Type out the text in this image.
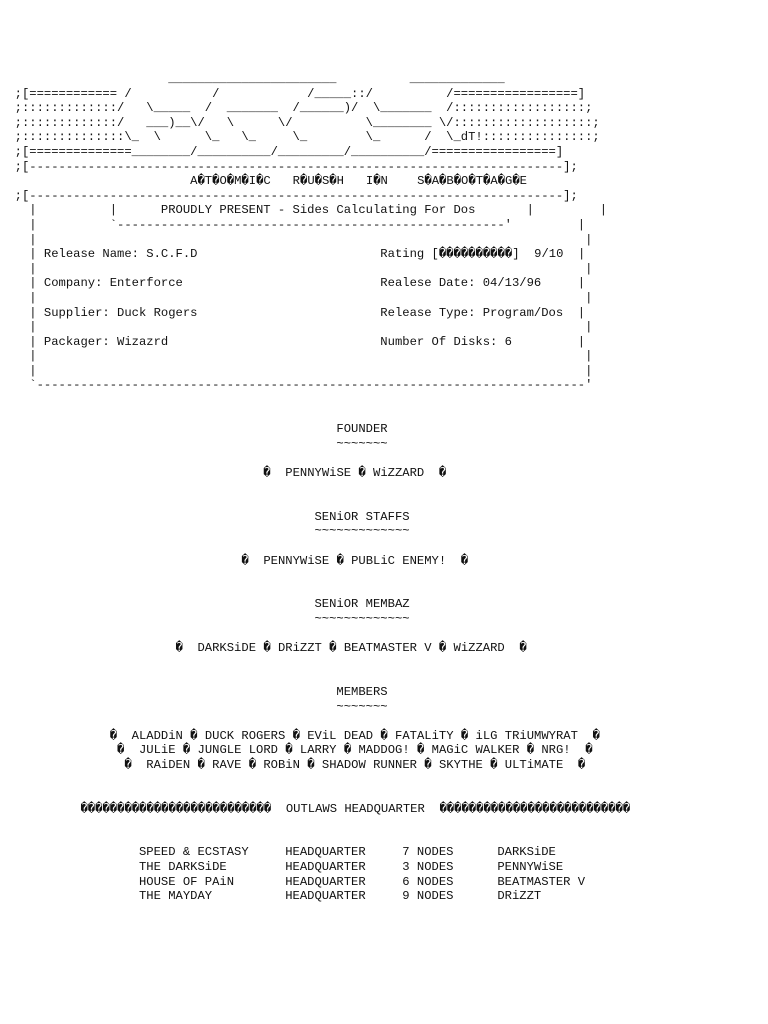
_______________________          _____________
;[============ /           /            /_____::/          /=================]
;:::::::::::::/   \_____  /  _______  /______)/  \_______  /::::::::::::::::::;
;:::::::::::::/   ___)__\/   \      \/          \________ \/:::::::::::::::::::;
;::::::::::::::\_  \      \_   \_     \_        \_      /  \_dT!:::::::::::::::;
;[==============________/__________/_________/__________/=================]
;[-------------------------------------------------------------------------];
A�T�O�M�I�C   R�U�S�H   I�N    S�A�B�O�T�A�G�E
;[-------------------------------------------------------------------------];
|          |      PROUDLY PRESENT - Sides Calculating For Dos       |         |
|          `-----------------------------------------------------'         |
|                                                                           |
| Release Name: S.C.F.D                         Rating [����������]  9/10  |
|                                                                           |
| Company: Enterforce                           Realese Date: 04/13/96     |
|                                                                           |
| Supplier: Duck Rogers                         Release Type: Program/Dos  |
|                                                                           |
| Packager: Wizazrd                             Number Of Disks: 6         |
|                                                                           |
|                                                                           |
`---------------------------------------------------------------------------'
FOUNDER
~~~~~~~
�  PENNYWiSE � WiZZARD  �
SENiOR STAFFS
~~~~~~~~~~~~~
�  PENNYWiSE � PUBLiC ENEMY!  �
SENiOR MEMBAZ
~~~~~~~~~~~~~
�  DARKSiDE � DRiZZT � BEATMASTER V � WiZZARD  �
MEMBERS
~~~~~~~
�  ALADDiN � DUCK ROGERS � EViL DEAD � FATALiTY � iLG TRiUMWYRAT  �
�  JULiE � JUNGLE LORD � LARRY � MADDOG! � MAGiC WALKER � NRG!  �
�  RAiDEN � RAVE � ROBiN � SHADOW RUNNER � SKYTHE � ULTiMATE  �
��������������������������  OUTLAWS HEADQUARTER  ��������������������������
SPEED & ECSTASY     HEADQUARTER     7 NODES      DARKSiDE
THE DARKSiDE        HEADQUARTER     3 NODES      PENNYWiSE
HOUSE OF PAiN       HEADQUARTER     6 NODES      BEATMASTER V
THE MAYDAY          HEADQUARTER     9 NODES      DRiZZT
